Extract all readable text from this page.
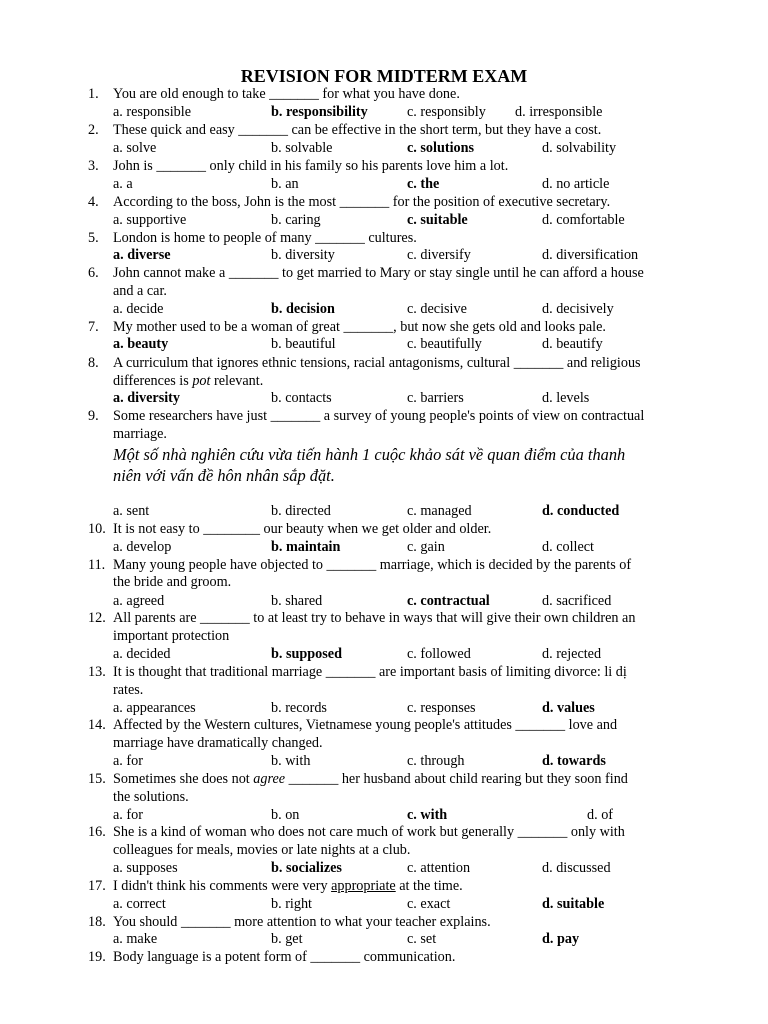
REVISION FOR MIDTERM EXAM
1.	You are old enough to take _______ for what you have done.
a. responsible	b. responsibility	c. responsibly d. irresponsible
2.	These quick and easy _______ can be effective in the short term, but they have a cost.
a. solve	b. solvable	c. solutions	d. solvability
3.	John is _______ only child in his family so his parents love him a lot.
a. a	b. an	c. the	d. no article
4.	According to the boss, John is the most _______ for the position of executive secretary.
a. supportive	b. caring	c. suitable	d. comfortable
5.	London is home to people of many _______ cultures.
a. diverse	b. diversity	c. diversify	d. diversification
6.	John cannot make a _______ to get married to Mary or stay single until he can afford a house
and a car.
a. decide	b. decision	c. decisive	d. decisively
7.	My mother used to be a woman of great _______, but now she gets old and looks pale.
a. beauty	b. beautiful	c. beautifully	d. beautify
8.	A curriculum that ignores ethnic tensions, racial antagonisms, cultural _______ and religious
differences is pot relevant.
a. diversity	b. contacts	c. barriers	d. levels
9.	Some researchers have just _______ a survey of young people's points of view on contractual
marriage.
Một số nhà nghiên cứu vừa tiến hành 1 cuộc khảo sát về quan điểm của thanh
niên với vấn đề hôn nhân sắp đặt.
a. sent	b. directed	c. managed	d. conducted
10. It is not easy to ________ our beauty when we get older and older.
a. develop	b. maintain	c. gain	d. collect
11. Many young people have objected to _______ marriage, which is decided by the parents of
the bride and groom.
a. agreed	b. shared	c. contractual	d. sacrificed
12. All parents are _______ to at least try to behave in ways that will give their own children an
important protection
a. decided	b. supposed	c. followed	d. rejected
13. It is thought that traditional marriage _______ are important basis of limiting divorce: li dị
rates.
a. appearances	b. records	c. responses	d. values
14. Affected by the Western cultures, Vietnamese young people's attitudes _______ love and
marriage have dramatically changed.
a. for	b. with	c. through	d. towards
15. Sometimes she does not agree _______ her husband about child rearing but they soon find
the solutions.
a. for	b. on	c. with	d. of
16. She is a kind of woman who does not care much of work but generally _______ only with
colleagues for meals, movies or late nights at a club.
a. supposes	b. socializes	c. attention	d. discussed
17. I didn't think his comments were very appropriate at the time.
a. correct	b. right	c. exact	d. suitable
18. You should _______ more attention to what your teacher explains.
a. make	b. get	c. set	d. pay
19. Body language is a potent form of _______ communication.
